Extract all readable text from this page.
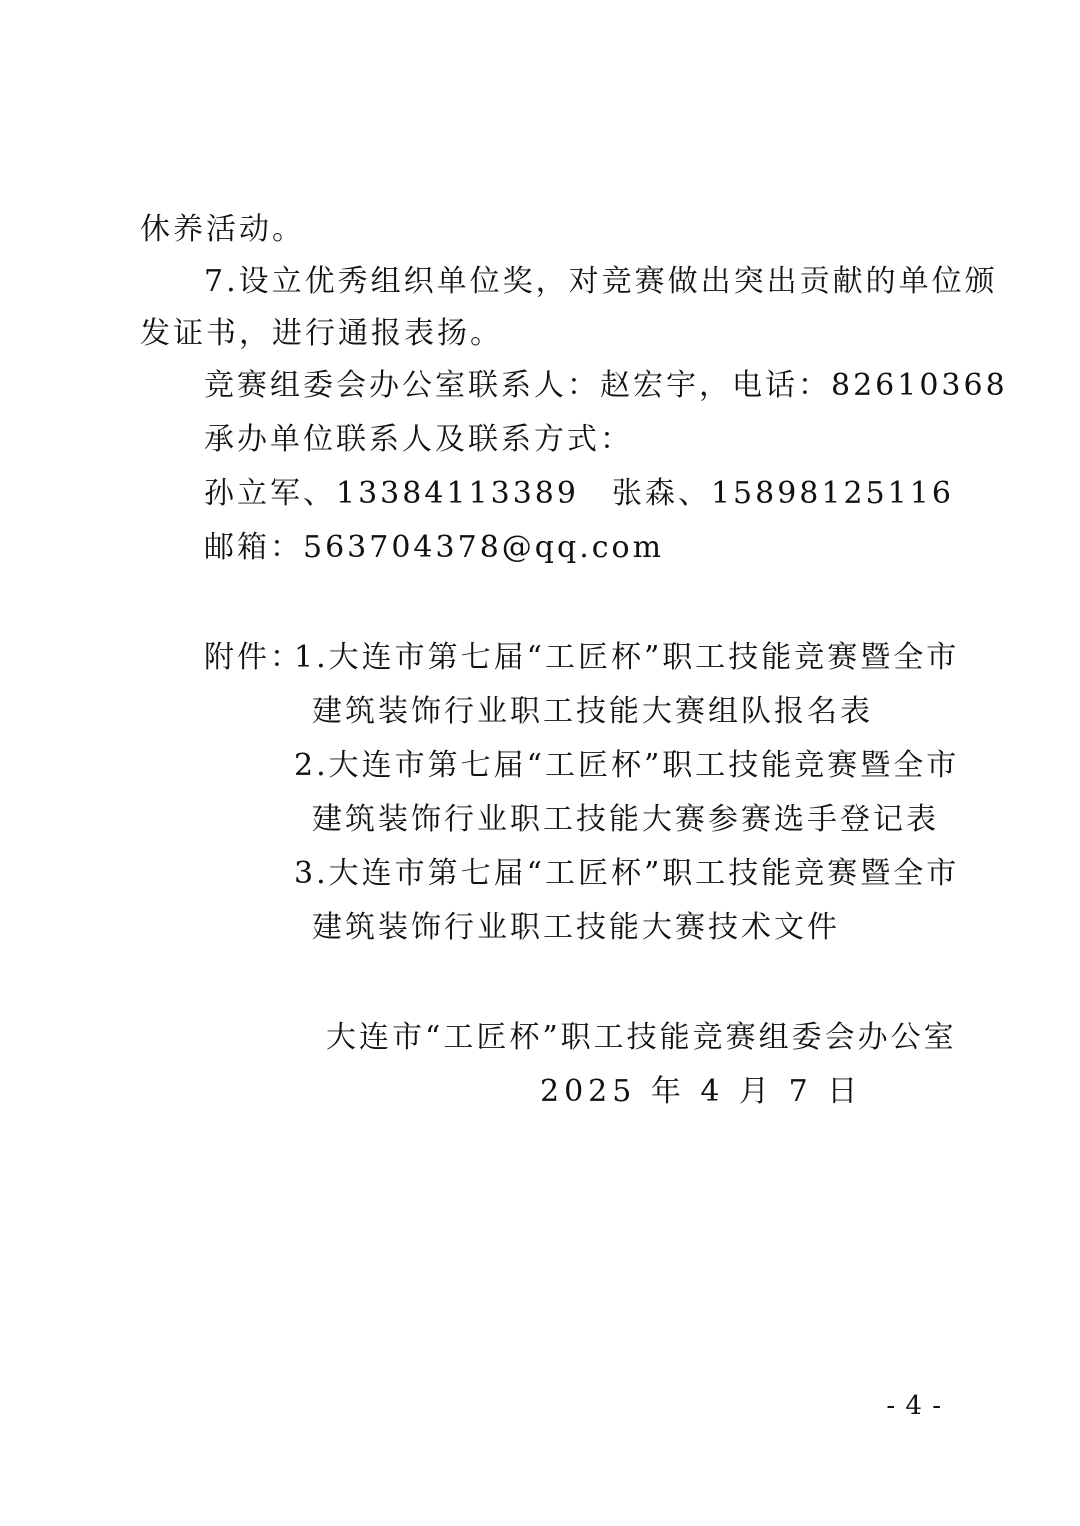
休养活动。
7.设立优秀组织单位奖，对竞赛做出突出贡献的单位颁
发证书，进行通报表扬。
竞赛组委会办公室联系人：赵宏宇，电话：82610368
承办单位联系人及联系方式：
孙立军、13384113389　张森、15898125116
邮箱：563704378@qq.com
附件：
1.大连市第七届“工匠杯”职工技能竞赛暨全市
建筑装饰行业职工技能大赛组队报名表
2.大连市第七届“工匠杯”职工技能竞赛暨全市
建筑装饰行业职工技能大赛参赛选手登记表
3.大连市第七届“工匠杯”职工技能竞赛暨全市
建筑装饰行业职工技能大赛技术文件
大连市“工匠杯”职工技能竞赛组委会办公室
2025 年 4 月 7 日
- 4 -
